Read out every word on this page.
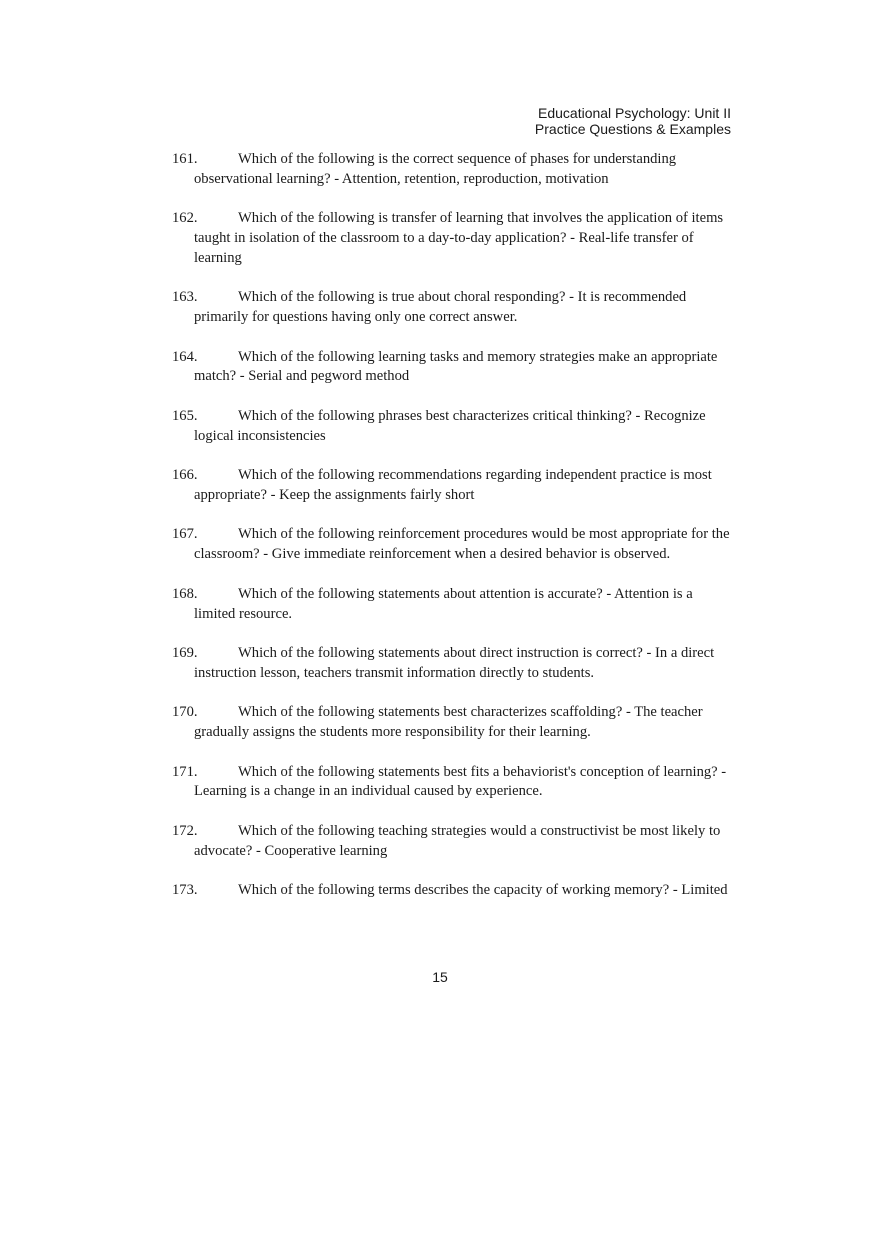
Educational Psychology: Unit II
Practice Questions & Examples
161.	Which of the following is the correct sequence of phases for understanding observational learning? - Attention, retention, reproduction, motivation
162.	Which of the following is transfer of learning that involves the application of items taught in isolation of the classroom to a day-to-day application? - Real-life transfer of learning
163.	Which of the following is true about choral responding? - It is recommended primarily for questions having only one correct answer.
164.	Which of the following learning tasks and memory strategies make an appropriate match? - Serial and pegword method
165.	Which of the following phrases best characterizes critical thinking? - Recognize logical inconsistencies
166.	Which of the following recommendations regarding independent practice is most appropriate? - Keep the assignments fairly short
167.	Which of the following reinforcement procedures would be most appropriate for the classroom? - Give immediate reinforcement when a desired behavior is observed.
168.	Which of the following statements about attention is accurate? - Attention is a limited resource.
169.	Which of the following statements about direct instruction is correct? - In a direct instruction lesson, teachers transmit information directly to students.
170.	Which of the following statements best characterizes scaffolding? - The teacher gradually assigns the students more responsibility for their learning.
171.	Which of the following statements best fits a behaviorist's conception of learning? - Learning is a change in an individual caused by experience.
172.	Which of the following teaching strategies would a constructivist be most likely to advocate? - Cooperative learning
173.	Which of the following terms describes the capacity of working memory? - Limited
15
